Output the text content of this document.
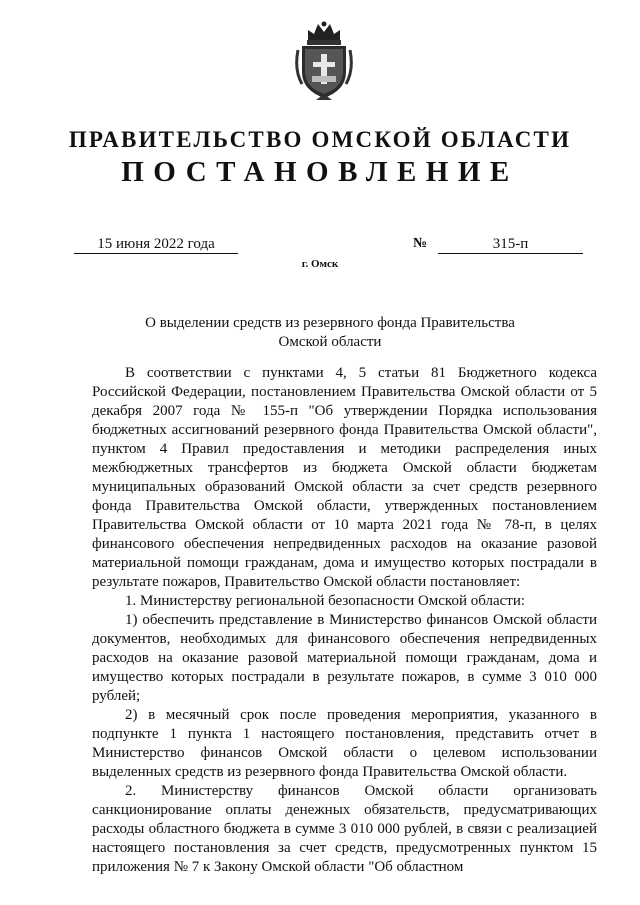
ПРАВИТЕЛЬСТВО ОМСКОЙ ОБЛАСТИ
ПОСТАНОВЛЕНИЕ
15 июня 2022 года	№	315-п
г. Омск
О выделении средств из резервного фонда Правительства
Омской области

В соответствии с пунктами 4, 5 статьи 81 Бюджетного кодекса Российской Федерации, постановлением Правительства Омской области от 5 декабря 2007 года № 155-п "Об утверждении Порядка использования бюджетных ассигнований резервного фонда Правительства Омской области", пунктом 4 Правил предоставления и методики распределения иных межбюджетных трансфертов из бюджета Омской области бюджетам муниципальных образований Омской области за счет средств резервного фонда Правительства Омской области, утвержденных постановлением Правительства Омской области от 10 марта 2021 года № 78-п, в целях финансового обеспечения непредвиденных расходов на оказание разовой материальной помощи гражданам, дома и имущество которых пострадали в результате пожаров, Правительство Омской области постановляет:

1. Министерству региональной безопасности Омской области:

1) обеспечить представление в Министерство финансов Омской области документов, необходимых для финансового обеспечения непредвиденных расходов на оказание разовой материальной помощи гражданам, дома и имущество которых пострадали в результате пожаров, в сумме 3 010 000 рублей;

2) в месячный срок после проведения мероприятия, указанного в подпункте 1 пункта 1 настоящего постановления, представить отчет в Министерство финансов Омской области о целевом использовании выделенных средств из резервного фонда Правительства Омской области.

2. Министерству финансов Омской области организовать санкционирование оплаты денежных обязательств, предусматривающих расходы областного бюджета в сумме 3 010 000 рублей, в связи с реализацией настоящего постановления за счет средств, предусмотренных пунктом 15 приложения № 7 к Закону Омской области "Об областном
